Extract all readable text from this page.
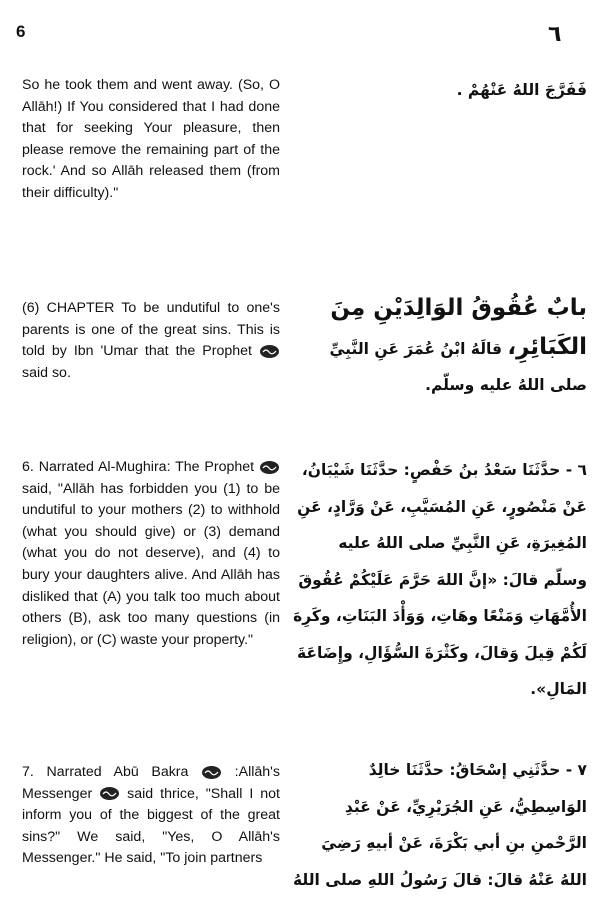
6	٦

So he took them and went away. (So, O Allāh!) If You considered that I had done that for seeking Your pleasure, then please remove the remaining part of the rock.' And so Allāh released them (from their difficulty)."

فَفَرَّجَ اللهُ عَنْهُمْ .

(6) CHAPTER To be undutiful to one's parents is one of the great sins. This is told by Ibn 'Umar that the Prophet
said so.

بابٌ عُقُوقُ الوَالِدَيْنِ مِنَ الكَبَائِرِ، قالَهُ ابْنُ عُمَرَ عَنِ النَّبِيِّ صلى اللهُ عليه وسلّم.

6. Narrated Al-Mughira: The Prophet
said, "Allāh has forbidden you (1) to be undutiful to your mothers (2) to withhold (what you should give) or (3) demand (what you do not deserve), and (4) to bury your daughters alive. And Allāh has disliked that (A) you talk too much about others (B), ask too many questions (in religion), or (C) waste your property."

٦ - حدَّثَنَا سَعْدُ بنُ حَفْصٍ: حدَّثَنَا شَيْبَانُ، عَنْ مَنْصُورٍ، عَنِ المُسَيَّبِ، عَنْ وَرَّادٍ، عَنِ المُغِيرَةِ، عَنِ النَّبِيِّ صلى اللهُ عليه وسلّم قالَ: «إنَّ اللهَ حَرَّمَ عَلَيْكُمْ عُقُوقَ الأُمَّهَاتِ وَمَنْعًا وهَاتِ، وَوَأْدَ البَنَاتِ، وكَرِهَ لَكُمْ قِيلَ وَقالَ، وكَثْرَةَ السُّؤَالِ، وإِضَاعَةَ المَالِ».

7. Narrated Abū Bakra	:Allāh's Messenger said thrice, "Shall I not inform you of the biggest of the great sins?" We said, "Yes, O Allāh's Messenger." He said, "To join partners

٧ - حدَّثَنِي إسْحَاقُ: حدَّثَنَا خالِدٌ الوَاسِطِيُّ، عَنِ الجُرَيْرِيِّ، عَنْ عَبْدِ الرَّحْمنِ بنِ أبي بَكْرَةَ، عَنْ أبيهِ رَضِيَ اللهُ عَنْهُ قالَ: قالَ رَسُولُ اللهِ صلى اللهُ
